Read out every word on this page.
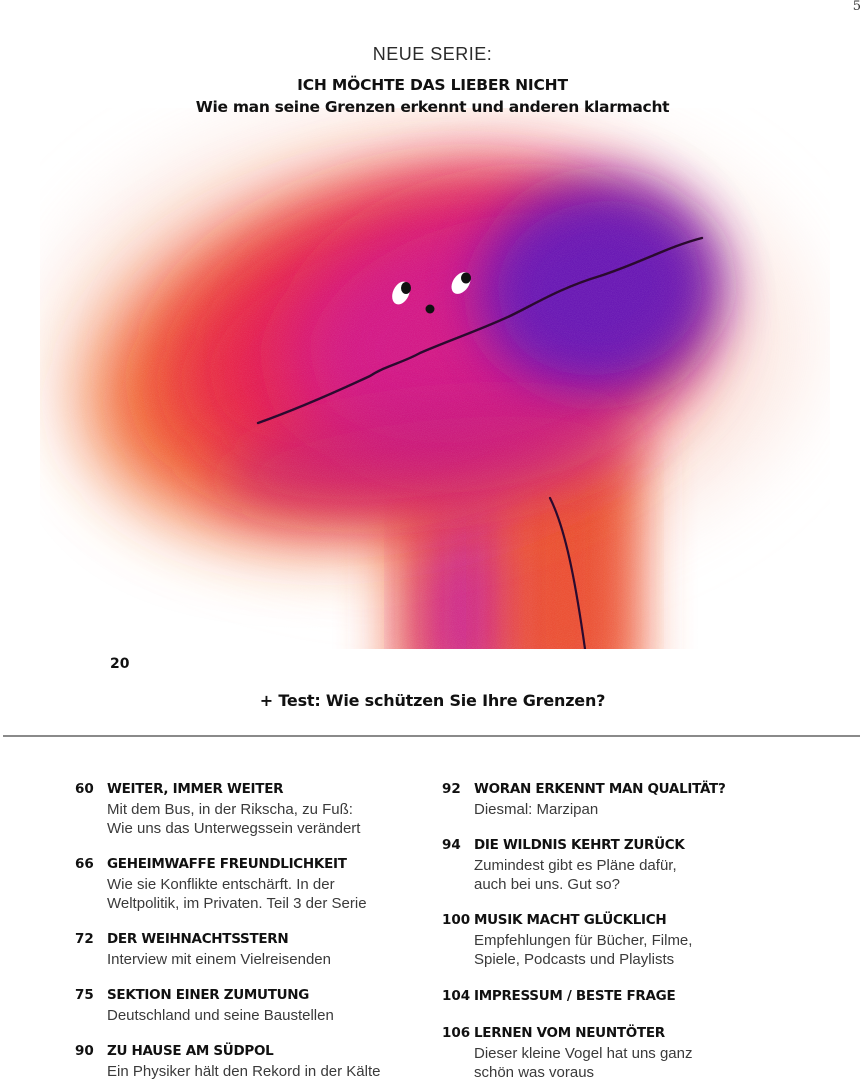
5
NEUE SERIE:
ICH MÖCHTE DAS LIEBER NICHT
Wie man seine Grenzen erkennt und anderen klarmacht
20
+ Test: Wie schützen Sie Ihre Grenzen?
60 WEITER, IMMER WEITER
Mit dem Bus, in der Rikscha, zu Fuß:
Wie uns das Unterwegssein verändert
66 GEHEIMWAFFE FREUNDLICHKEIT
Wie sie Konflikte entschärft. In der
Weltpolitik, im Privaten. Teil 3 der Serie
72 DER WEIHNACHTSSTERN
Interview mit einem Vielreisenden
75 SEKTION EINER ZUMUTUNG
Deutschland und seine Baustellen
90 ZU HAUSE AM SÜDPOL
Ein Physiker hält den Rekord in der Kälte
92 WORAN ERKENNT MAN QUALITÄT?
Diesmal: Marzipan
94 DIE WILDNIS KEHRT ZURÜCK
Zumindest gibt es Pläne dafür,
auch bei uns. Gut so?
100 MUSIK MACHT GLÜCKLICH
Empfehlungen für Bücher, Filme,
Spiele, Podcasts und Playlists
104 IMPRESSUM / BESTE FRAGE
106 LERNEN VOM NEUNTÖTER
Dieser kleine Vogel hat uns ganz
schön was voraus
